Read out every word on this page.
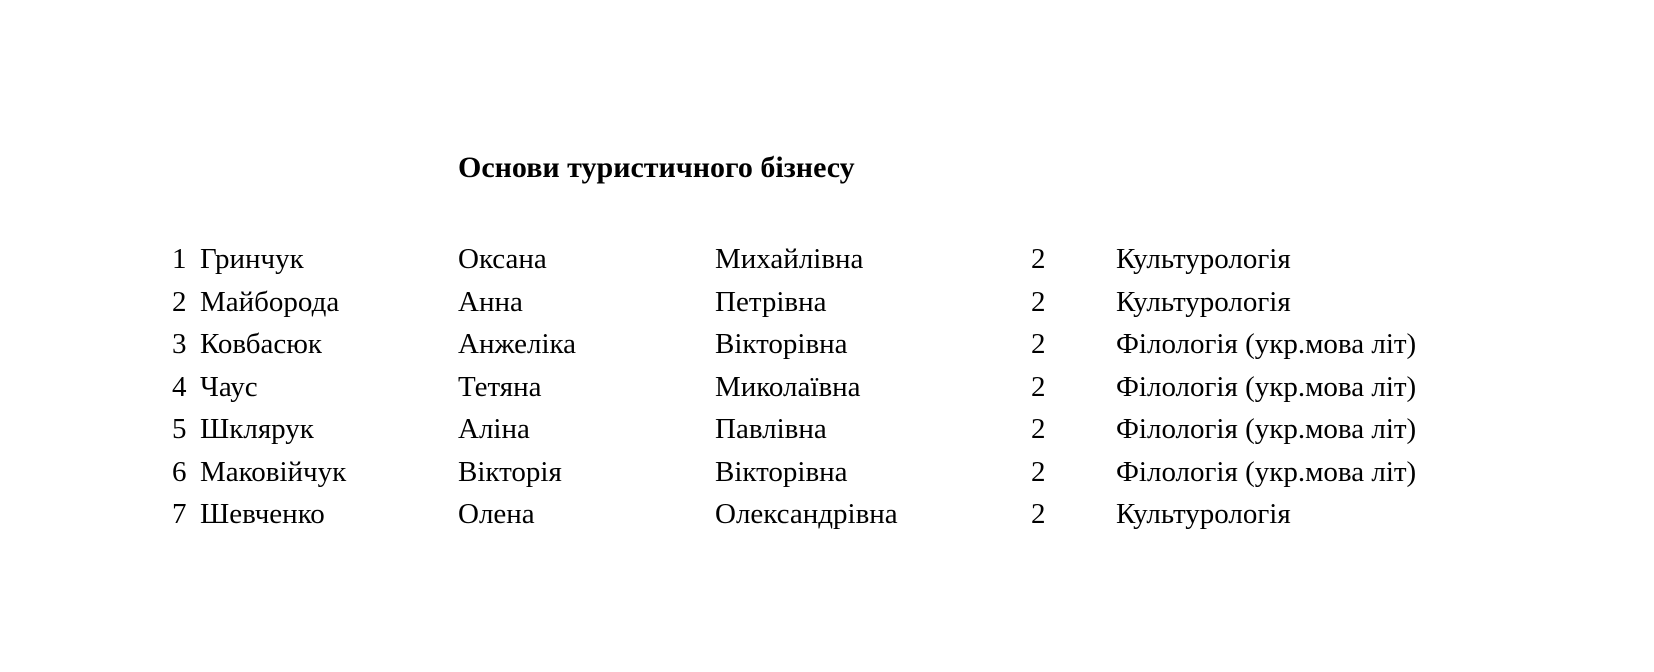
Основи туристичного бізнесу
1 Гринчук	Оксана	Михайлівна	2 Культурологія
2 Майборода	Анна	Петрівна	2 Культурологія
3 Ковбасюк	Анжеліка	Вікторівна	2 Філологія (укр.мова літ)
4 Чаус	Тетяна	Миколаївна	2 Філологія (укр.мова літ)
5 Шклярук	Аліна	Павлівна	2 Філологія (укр.мова літ)
6 Маковійчук	Вікторія	Вікторівна	2 Філологія (укр.мова літ)
7 Шевченко	Олена	Олександрівна	2 Культурологія
